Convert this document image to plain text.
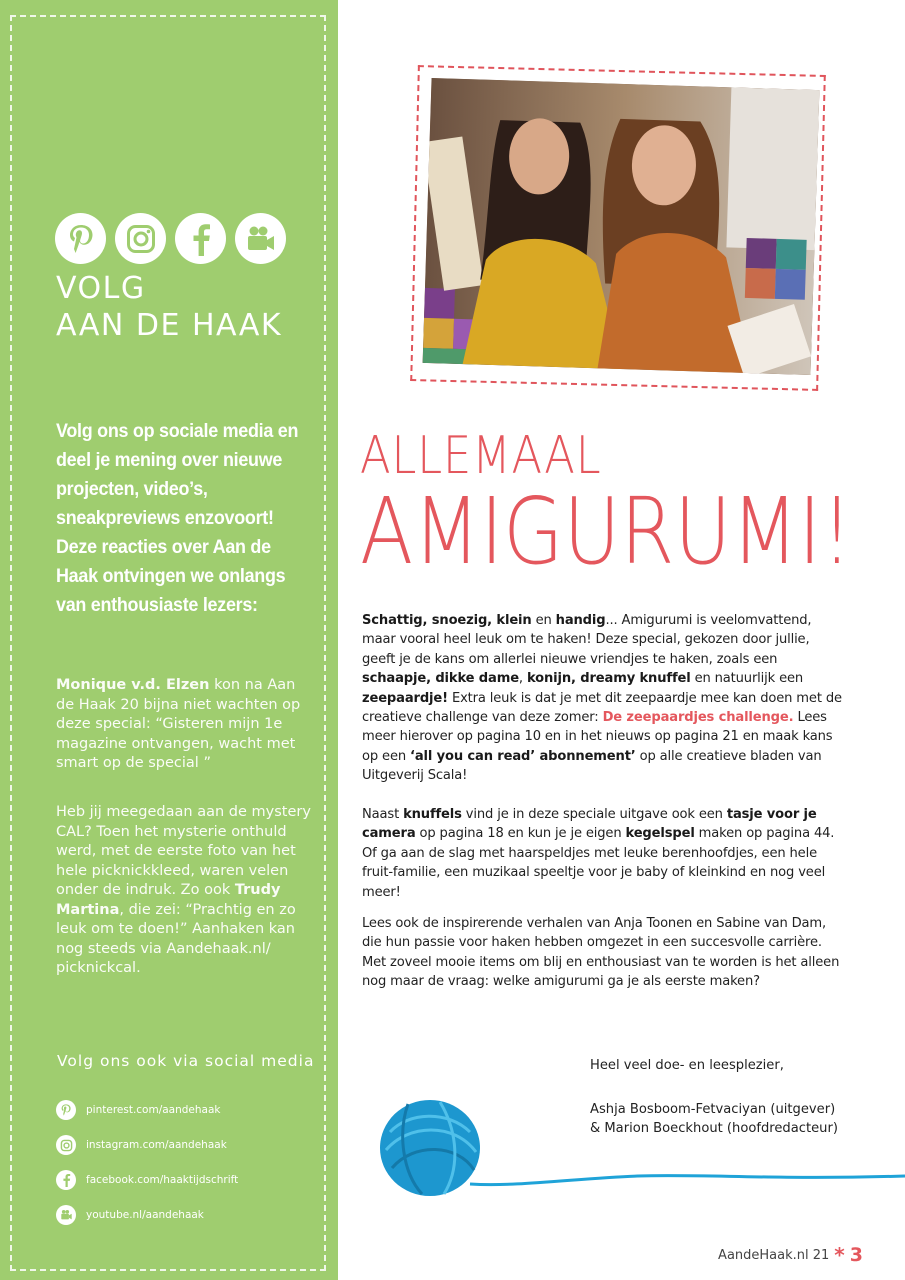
VOLG
AAN DE HAAK
Volg ons op sociale media en deel je mening over nieuwe projecten, video’s, sneakpreviews enzovoort! Deze reacties over Aan de Haak ontvingen we onlangs van enthousiaste lezers:
Monique v.d. Elzen kon na Aan de Haak 20 bijna niet wachten op deze special: “Gisteren mijn 1e magazine ontvangen, wacht met smart op de special ”
Heb jij meegedaan aan de mystery CAL? Toen het mysterie onthuld werd, met de eerste foto van het hele picknickkleed, waren velen onder de indruk. Zo ook Trudy Martina, die zei: “Prachtig en zo leuk om te doen!” Aanhaken kan nog steeds via Aandehaak.nl/ picknickcal.
Volg ons ook via social media
pinterest.com/aandehaak
instagram.com/aandehaak
facebook.com/haaktijdschrift
youtube.nl/aandehaak
ALLEMAAL
AMIGURUMI!
Schattig, snoezig, klein en handig... Amigurumi is veelomvattend, maar vooral heel leuk om te haken! Deze special, gekozen door jullie, geeft je de kans om allerlei nieuwe vriendjes te haken, zoals een schaapje, dikke dame, konijn, dreamy knuffel en natuurlijk een zeepaardje! Extra leuk is dat je met dit zeepaardje mee kan doen met de creatieve challenge van deze zomer: De zeepaardjes challenge. Lees meer hierover op pagina 10 en in het nieuws op pagina 21 en maak kans op een ‘all you can read’ abonnement’ op alle creatieve bladen van Uitgeverij Scala!
Naast knuffels vind je in deze speciale uitgave ook een tasje voor je camera op pagina 18 en kun je je eigen kegelspel maken op pagina 44. Of ga aan de slag met haarspeldjes met leuke berenhoofdjes, een hele fruit-familie, een muzikaal speeltje voor je baby of kleinkind en nog veel meer!
Lees ook de inspirerende verhalen van Anja Toonen en Sabine van Dam, die hun passie voor haken hebben omgezet in een succesvolle carrière. Met zoveel mooie items om blij en enthousiast van te worden is het alleen nog maar de vraag: welke amigurumi ga je als eerste maken?
Heel veel doe- en leesplezier,
Ashja Bosboom-Fetvaciyan (uitgever)
& Marion Boeckhout (hoofdredacteur)
AandeHaak.nl 21 * 3
